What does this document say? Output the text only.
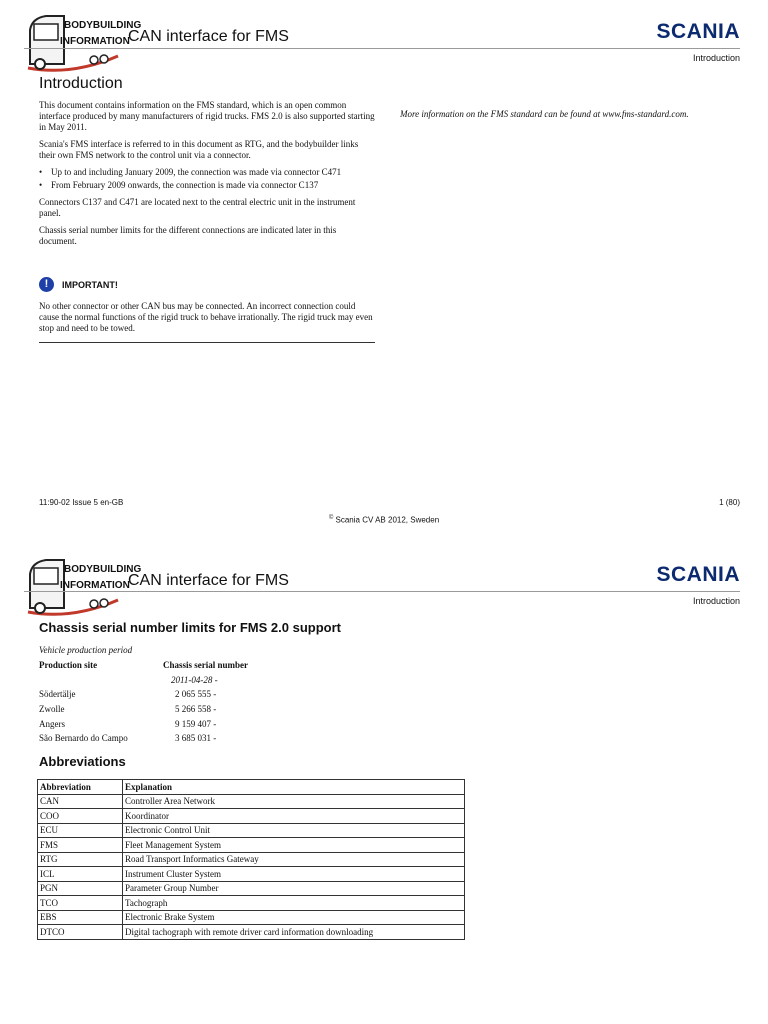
BODYBUILDING
INFORMATION
CAN interface for FMS	SCANIA
Introduction
Introduction

This document contains information on the FMS standard, which is an open common interface produced by many manufacturers of rigid trucks. FMS 2.0 is also supported starting in May 2011.

Scania's FMS interface is referred to in this document as RTG, and the bodybuilder links their own FMS network to the control unit via a connector.

• Up to and including January 2009, the connection was made via connector C471
• From February 2009 onwards, the connection is made via connector C137

Connectors C137 and C471 are located next to the central electric unit in the instrument panel.

Chassis serial number limits for the different connections are indicated later in this document.

More information on the FMS standard can be found at www.fms-standard.com.
!	IMPORTANT!
No other connector or other CAN bus may be connected. An incorrect connection could cause the normal functions of the rigid truck to behave irrationally. The rigid truck may even stop and need to be towed.
11:90-02 Issue 5 en-GB	1 (80)
© Scania CV AB 2012, Sweden
BODYBUILDING
INFORMATION
CAN interface for FMS	SCANIA
Introduction
Chassis serial number limits for FMS 2.0 support
Vehicle production period
Production site	Chassis serial number
	2011-04-28 -
Södertälje	2 065 555 -
Zwolle	5 266 558 -
Angers	9 159 407 -
São Bernardo do Campo	3 685 031 -
Abbreviations
Abbreviation	Explanation
CAN	Controller Area Network
COO	Koordinator
ECU	Electronic Control Unit
FMS	Fleet Management System
RTG	Road Transport Informatics Gateway
ICL	Instrument Cluster System
PGN	Parameter Group Number
TCO	Tachograph
EBS	Electronic Brake System
DTCO	Digital tachograph with remote driver card information downloading
